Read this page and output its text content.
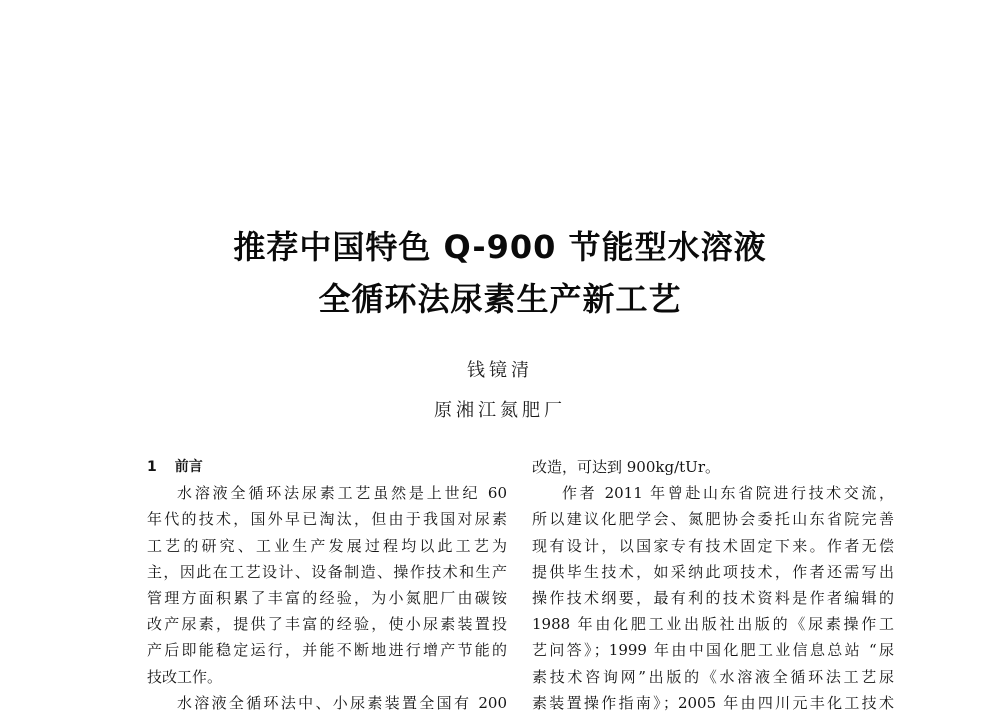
推荐中国特色 Q-900 节能型水溶液
全循环法尿素生产新工艺
钱镜清
原湘江氮肥厂
1 前言
水溶液全循环法尿素工艺虽然是上世纪 60
年代的技术，国外早已淘汰，但由于我国对尿素
工艺的研究、工业生产发展过程均以此工艺为
主，因此在工艺设计、设备制造、操作技术和生产
管理方面积累了丰富的经验，为小氮肥厂由碳铵
改产尿素，提供了丰富的经验，使小尿素装置投
产后即能稳定运行，并能不断地进行增产节能的
技改工作。
水溶液全循环法中、小尿素装置全国有 200
改造，可达到 900kg/tUr。
作者 2011 年曾赴山东省院进行技术交流，
所以建议化肥学会、氮肥协会委托山东省院完善
现有设计，以国家专有技术固定下来。作者无偿
提供毕生技术，如采纳此项技术，作者还需写出
操作技术纲要，最有利的技术资料是作者编辑的
1988 年由化肥工业出版社出版的《尿素操作工
艺问答》；1999 年由中国化肥工业信息总站 “尿
素技术咨询网”出版的《水溶液全循环法工艺尿
素装置操作指南》；2005 年由四川元丰化工技术
